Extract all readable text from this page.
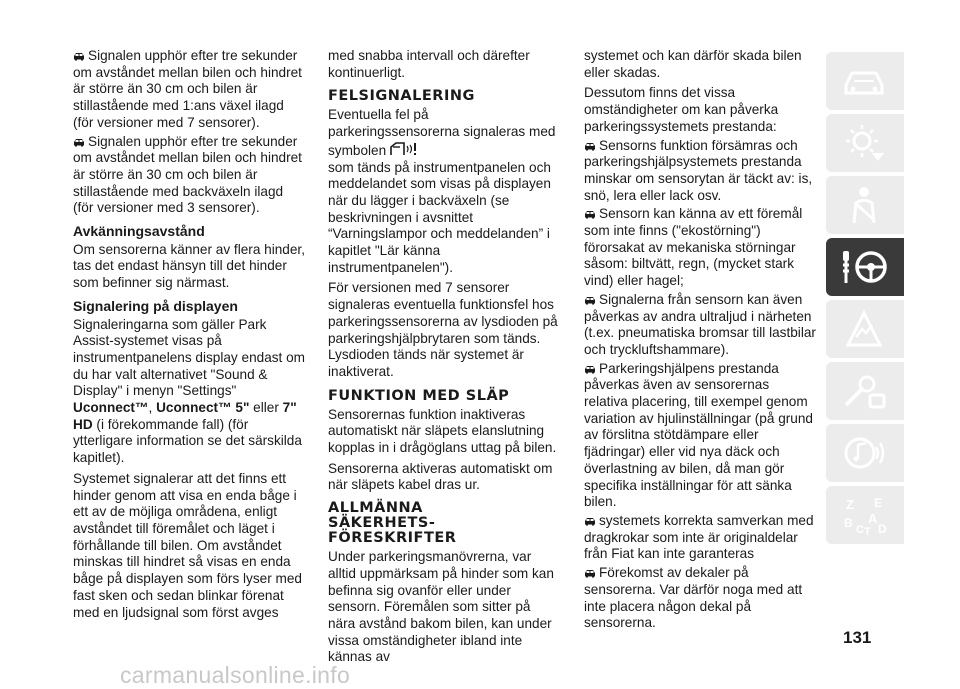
Signalen upphör efter tre sekunder om avståndet mellan bilen och hindret är större än 30 cm och bilen är stillastående med 1:ans växel ilagd (för versioner med 7 sensorer).

Signalen upphör efter tre sekunder om avståndet mellan bilen och hindret är större än 30 cm och bilen är stillastående med backväxeln ilagd (för versioner med 3 sensorer).

Avkänningsavstånd

Om sensorerna känner av flera hinder, tas det endast hänsyn till det hinder som befinner sig närmast.

Signalering på displayen

Signaleringarna som gäller Park Assist-systemet visas på instrumentpanelens display endast om du har valt alternativet "Sound & Display" i menyn "Settings" Uconnect™, Uconnect™ 5" eller 7" HD (i förekommande fall) (för ytterligare information se det särskilda kapitlet).

Systemet signalerar att det finns ett hinder genom att visa en enda båge i ett av de möjliga områdena, enligt avståndet till föremålet och läget i förhållande till bilen. Om avståndet minskas till hindret så visas en enda båge på displayen som förs lyser med fast sken och sedan blinkar förenat med en ljudsignal som först avges

med snabba intervall och därefter kontinuerligt.

FELSIGNALERING

Eventuella fel på parkeringssensorerna signaleras med symbolen
som tänds på instrumentpanelen och meddelandet som visas på displayen när du lägger i backväxeln (se beskrivningen i avsnittet “Varningslampor och meddelanden” i kapitlet "Lär känna instrumentpanelen").

För versionen med 7 sensorer signaleras eventuella funktionsfel hos parkeringssensorerna av lysdioden på parkeringshjälpbrytaren som tänds. Lysdioden tänds när systemet är inaktiverat.

FUNKTION MED SLÄP

Sensorernas funktion inaktiveras automatiskt när släpets elanslutning kopplas in i drågöglans uttag på bilen.

Sensorerna aktiveras automatiskt om när släpets kabel dras ur.

ALLMÄNNA
SÄKERHETS-
FÖRESKRIFTER

Under parkeringsmanövrerna, var alltid uppmärksam på hinder som kan befinna sig ovanför eller under sensorn. Föremålen som sitter på nära avstånd bakom bilen, kan under vissa omständigheter ibland inte kännas av

systemet och kan därför skada bilen eller skadas.

Dessutom finns det vissa omständigheter om kan påverka parkeringssystemets prestanda:

Sensorns funktion försämras och parkeringshjälpsystemets prestanda minskar om sensorytan är täckt av: is, snö, lera eller lack osv.

Sensorn kan känna av ett föremål som inte finns ("ekostörning") förorsakat av mekaniska störningar såsom: biltvätt, regn, (mycket stark vind) eller hagel;

Signalerna från sensorn kan även påverkas av andra ultraljud i närheten (t.ex. pneumatiska bromsar till lastbilar och tryckluftshammare).

Parkeringshjälpens prestanda påverkas även av sensorernas relativa placering, till exempel genom variation av hjulinställningar (på grund av förslitna stötdämpare eller fjädringar) eller vid nya däck och överlastning av bilen, då man gör specifika inställningar för att sänka bilen.

systemets korrekta samverkan med dragkrokar som inte är originaldelar från Fiat kan inte garanteras

Förekomst av dekaler på sensorerna. Var därför noga med att inte placera någon dekal på sensorerna.

Z E
B A
C T D
131
carmanualsonline.info
